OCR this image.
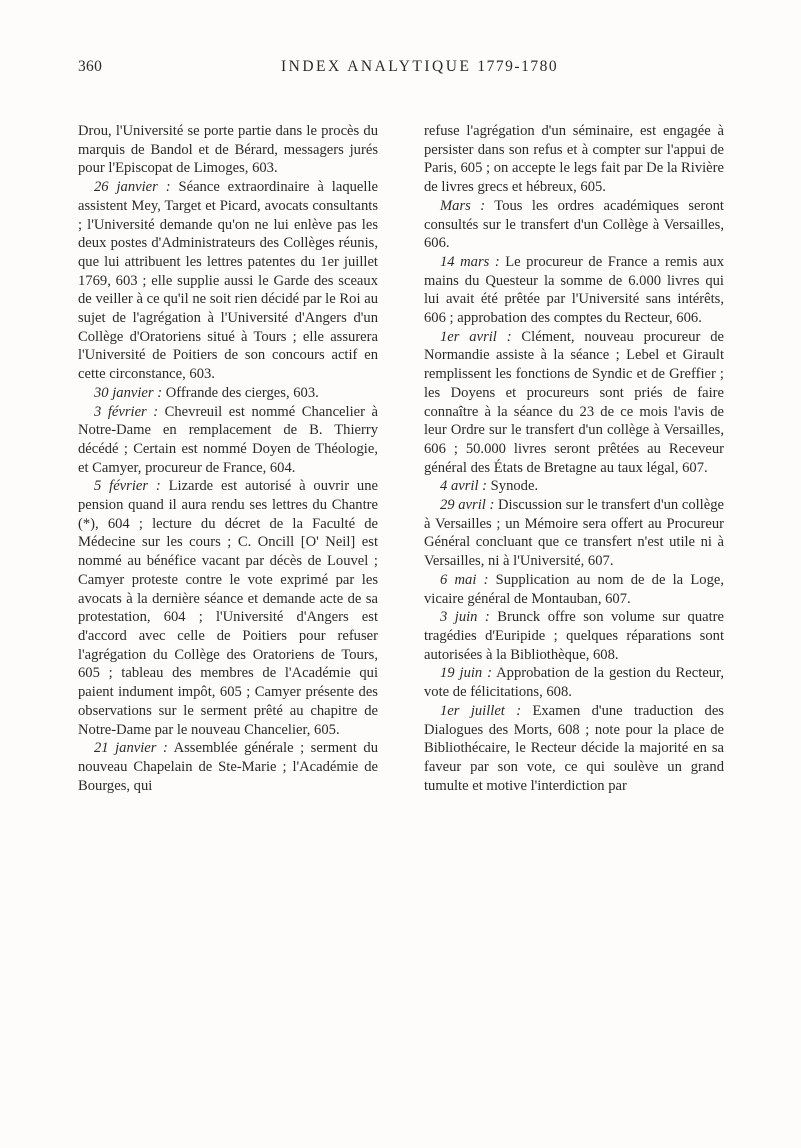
360	INDEX ANALYTIQUE 1779-1780

Drou, l'Université se porte partie dans le procès du marquis de Bandol et de Bérard, messagers jurés pour l'Episcopat de Limoges, 603.

26 janvier : Séance extraordinaire à laquelle assistent Mey, Target et Picard, avocats consultants ; l'Université demande qu'on ne lui enlève pas les deux postes d'Administrateurs des Collèges réunis, que lui attribuent les lettres patentes du 1er juillet 1769, 603 ; elle supplie aussi le Garde des sceaux de veiller à ce qu'il ne soit rien décidé par le Roi au sujet de l'agrégation à l'Université d'Angers d'un Collège d'Oratoriens situé à Tours ; elle assurera l'Université de Poitiers de son concours actif en cette circonstance, 603.

30 janvier : Offrande des cierges, 603.

3 février : Chevreuil est nommé Chancelier à Notre-Dame en remplacement de B. Thierry décédé ; Certain est nommé Doyen de Théologie, et Camyer, procureur de France, 604.

5 février : Lizarde est autorisé à ouvrir une pension quand il aura rendu ses lettres du Chantre (*), 604 ; lecture du décret de la Faculté de Médecine sur les cours ; C. Oncill [O' Neil] est nommé au bénéfice vacant par décès de Louvel ; Camyer proteste contre le vote exprimé par les avocats à la dernière séance et demande acte de sa protestation, 604 ; l'Université d'Angers est d'accord avec celle de Poitiers pour refuser l'agrégation du Collège des Oratoriens de Tours, 605 ; tableau des membres de l'Académie qui paient indument impôt, 605 ; Camyer présente des observations sur le serment prêté au chapitre de Notre-Dame par le nouveau Chancelier, 605.

21 janvier : Assemblée générale ; serment du nouveau Chapelain de Ste-Marie ; l'Académie de Bourges, qui

refuse l'agrégation d'un séminaire, est engagée à persister dans son refus et à compter sur l'appui de Paris, 605 ; on accepte le legs fait par De la Rivière de livres grecs et hébreux, 605.

Mars : Tous les ordres académiques seront consultés sur le transfert d'un Collège à Versailles, 606.

14 mars : Le procureur de France a remis aux mains du Questeur la somme de 6.000 livres qui lui avait été prêtée par l'Université sans intérêts, 606 ; approbation des comptes du Recteur, 606.

1er avril : Clément, nouveau procureur de Normandie assiste à la séance ; Lebel et Girault remplissent les fonctions de Syndic et de Greffier ; les Doyens et procureurs sont priés de faire connaître à la séance du 23 de ce mois l'avis de leur Ordre sur le transfert d'un collège à Versailles, 606 ; 50.000 livres seront prêtées au Receveur général des États de Bretagne au taux légal, 607.

4 avril : Synode.

29 avril : Discussion sur le transfert d'un collège à Versailles ; un Mémoire sera offert au Procureur Général concluant que ce transfert n'est utile ni à Versailles, ni à l'Université, 607.

6 mai : Supplication au nom de de la Loge, vicaire général de Montauban, 607.

3 juin : Brunck offre son volume sur quatre tragédies d'Euripide ; quelques réparations sont autorisées à la Bibliothèque, 608.

19 juin : Approbation de la gestion du Recteur, vote de félicitations, 608.

1er juillet : Examen d'une traduction des Dialogues des Morts, 608 ; note pour la place de Bibliothécaire, le Recteur décide la majorité en sa faveur par son vote, ce qui soulève un grand tumulte et motive l'interdiction par
